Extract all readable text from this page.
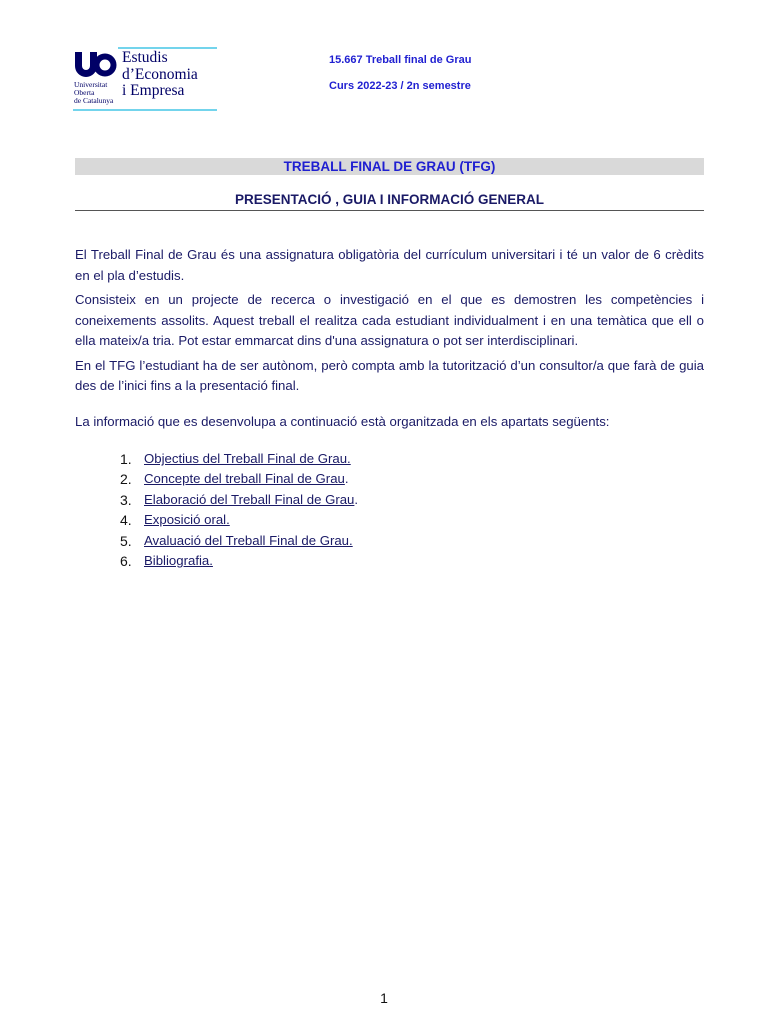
Universitat
Oberta
de Catalunya
Estudis
d’Economia
i Empresa
15.667 Treball final de Grau
Curs 2022-23 / 2n semestre
TREBALL FINAL DE GRAU (TFG)
PRESENTACIÓ , GUIA I INFORMACIÓ GENERAL

El Treball Final de Grau és una assignatura obligatòria del currículum universitari i té un valor de 6 crèdits en el pla d’estudis.

Consisteix en un projecte de recerca o investigació en el que es demostren les competències i coneixements assolits. Aquest treball el realitza cada estudiant individualment i en una temàtica que ell o ella mateix/a tria. Pot estar emmarcat dins d'una assignatura o pot ser interdisciplinari.

En el TFG l’estudiant ha de ser autònom, però compta amb la tutorització d’un consultor/a que farà de guia des de l’inici fins a la presentació final.

La informació que es desenvolupa a continuació està organitzada en els apartats següents:

1. Objectius del Treball Final de Grau.
2. Concepte del treball Final de Grau.
3. Elaboració del Treball Final de Grau.
4. Exposició oral.
5. Avaluació del Treball Final de Grau.
6. Bibliografia.
1
